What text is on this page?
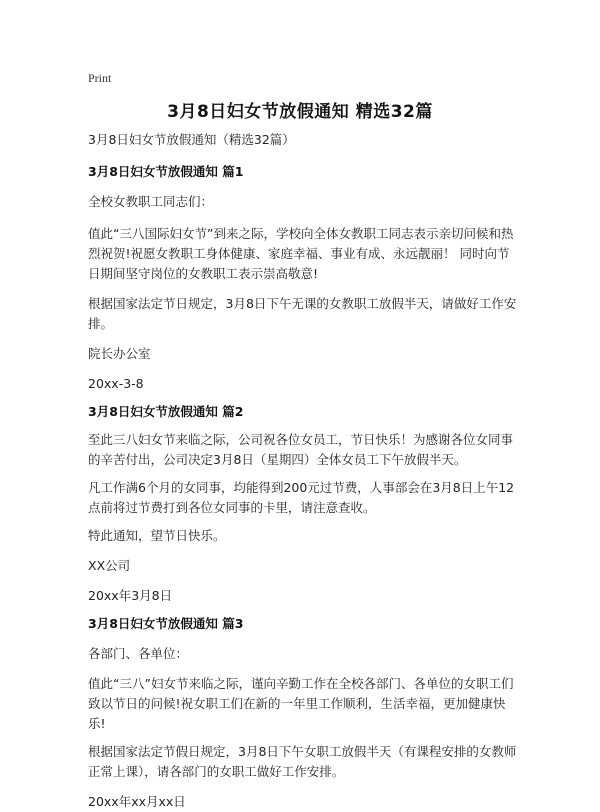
Print
3月8日妇女节放假通知 精选32篇

3月8日妇女节放假通知（精选32篇）

3月8日妇女节放假通知 篇1

全校女教职工同志们：

值此“三八国际妇女节”到来之际，学校向全体女教职工同志表示亲切问候和热烈祝贺!祝愿女教职工身体健康、家庭幸福、事业有成、永远靓丽！ 同时向节日期间坚守岗位的女教职工表示崇高敬意!

根据国家法定节日规定，3月8日下午无课的女教职工放假半天，请做好工作安排。

院长办公室

20xx-3-8

3月8日妇女节放假通知 篇2

至此三八妇女节来临之际，公司祝各位女员工，节日快乐！为感谢各位女同事的辛苦付出，公司决定3月8日（星期四）全体女员工下午放假半天。

凡工作满6个月的女同事，均能得到200元过节费，人事部会在3月8日上午12点前将过节费打到各位女同事的卡里，请注意查收。

特此通知，望节日快乐。

XX公司

20xx年3月8日

3月8日妇女节放假通知 篇3

各部门、各单位：

值此“三八”妇女节来临之际，谨向辛勤工作在全校各部门、各单位的女职工们致以节日的问候!祝女职工们在新的一年里工作顺利，生活幸福，更加健康快乐!

根据国家法定节假日规定，3月8日下午女职工放假半天（有课程安排的女教师正常上课），请各部门的女职工做好工作安排。

20xx年xx月xx日
